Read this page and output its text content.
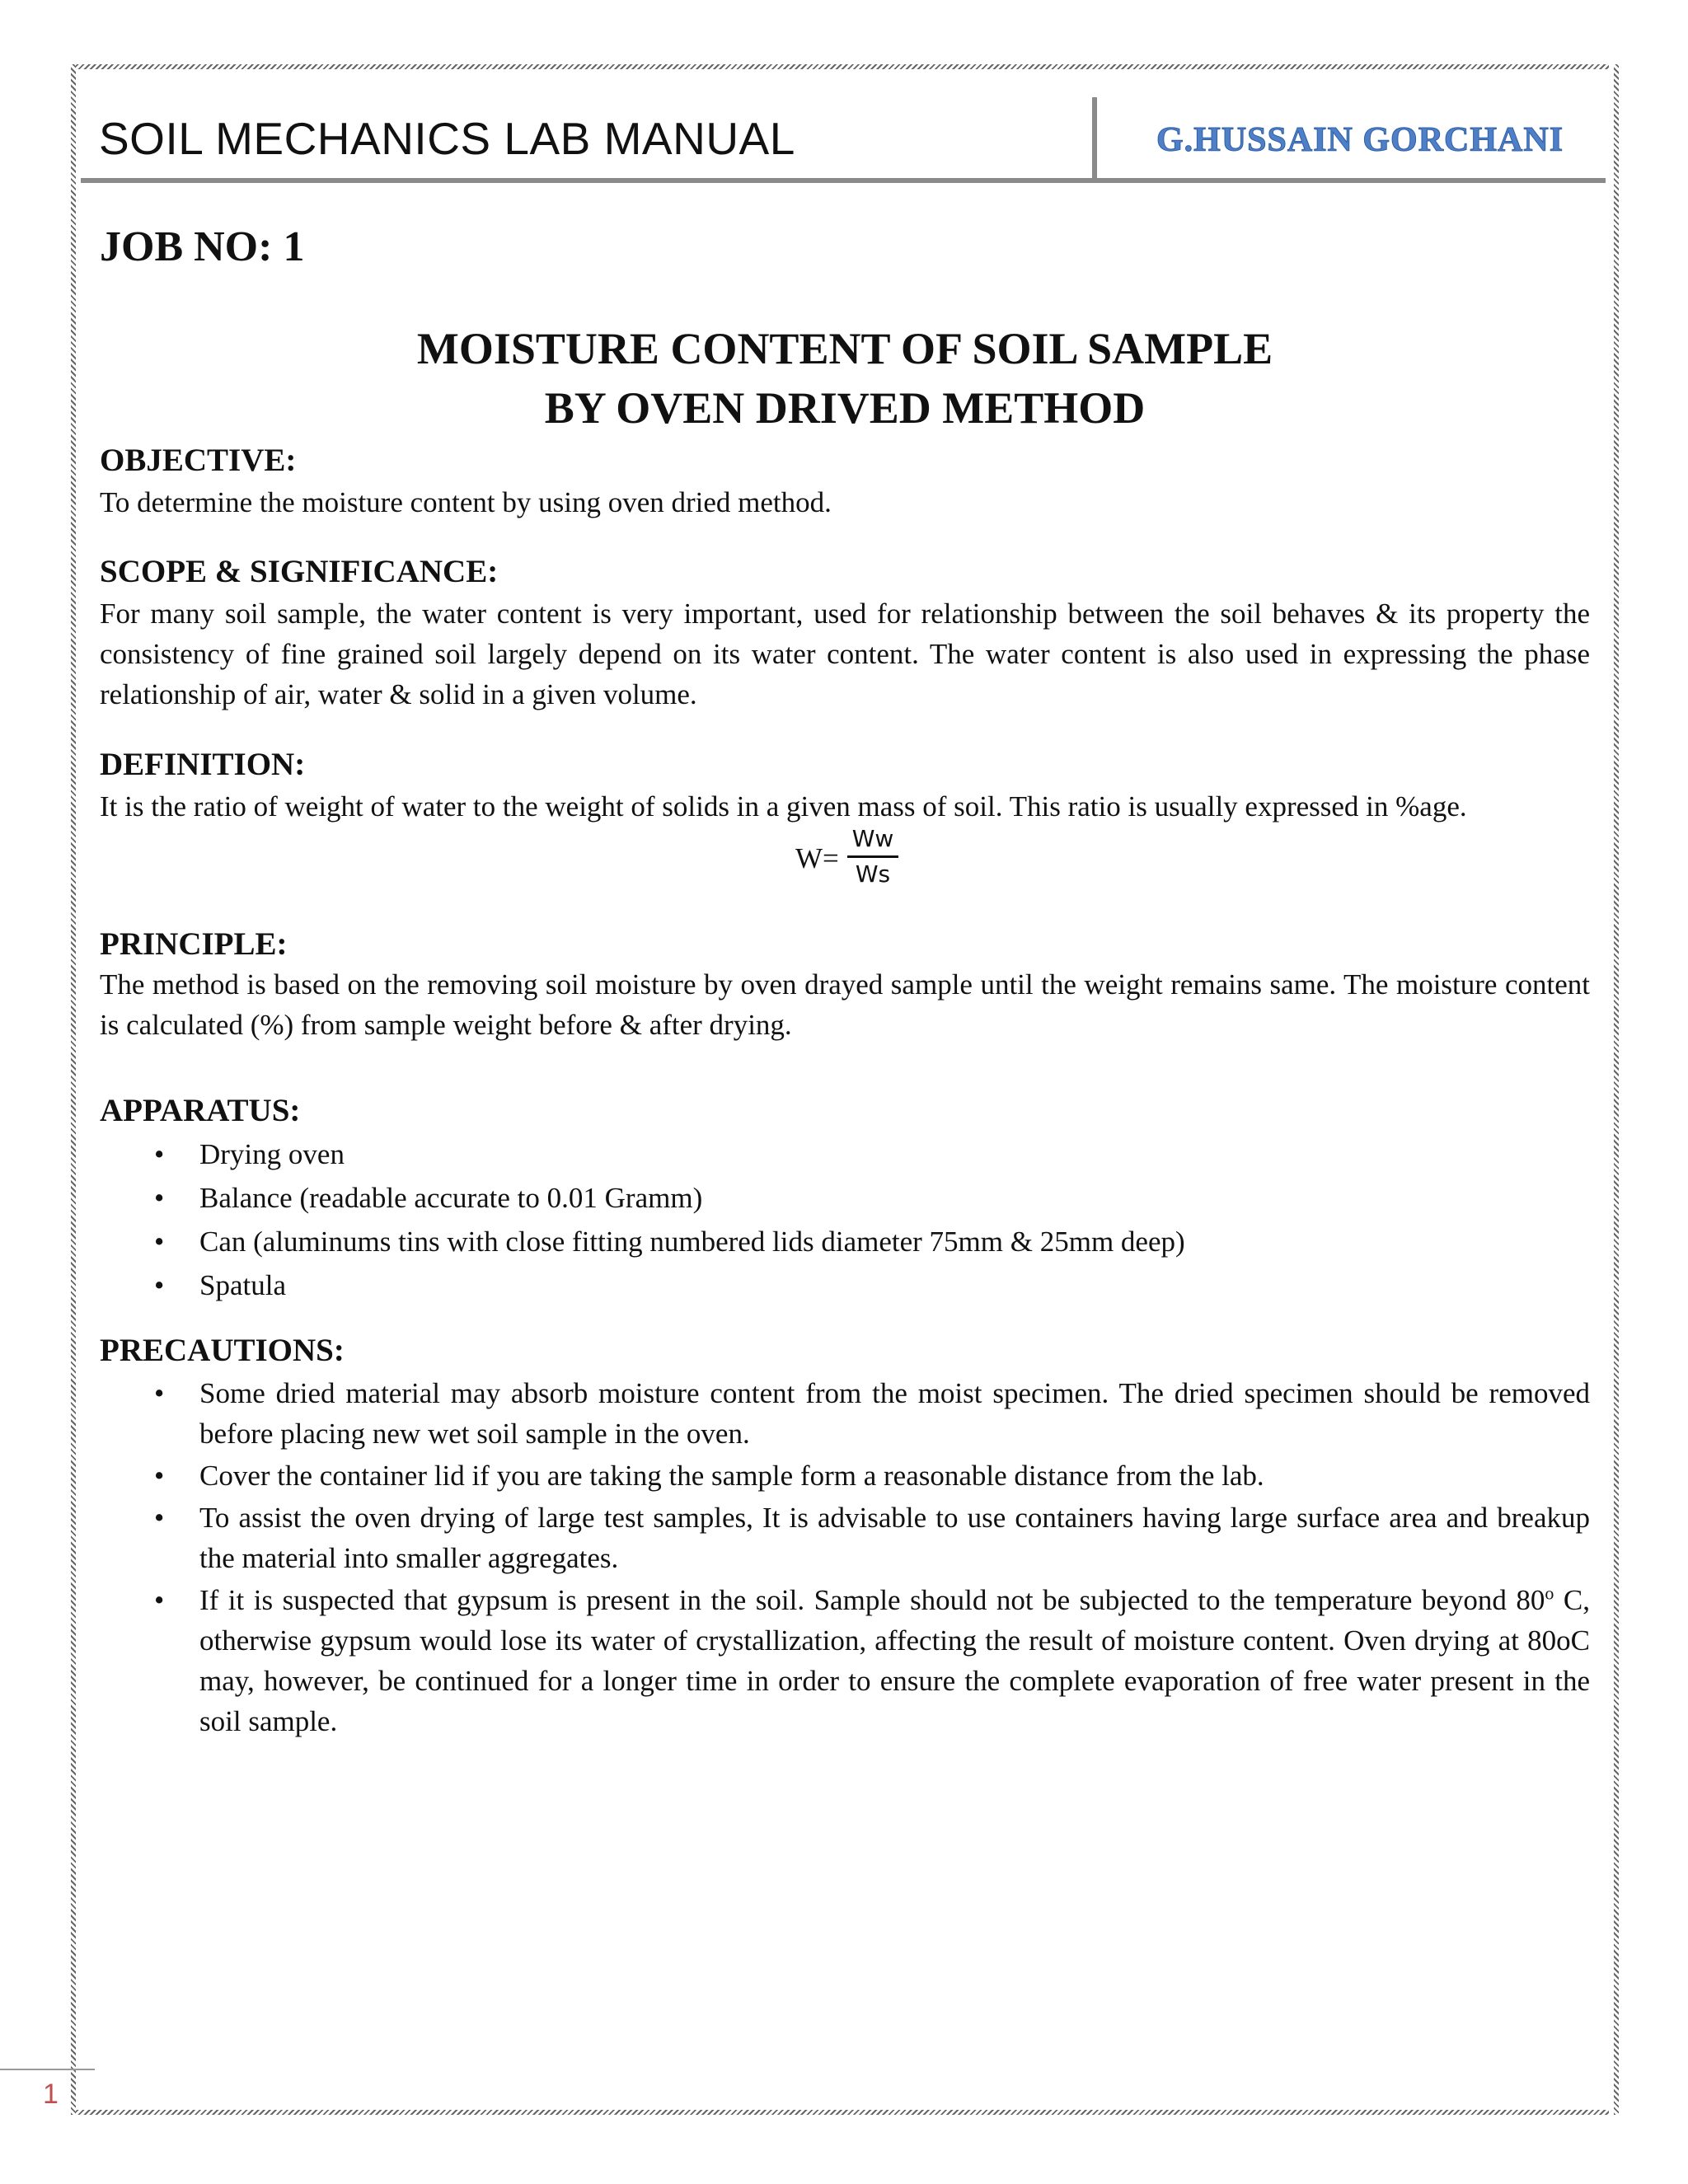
SOIL MECHANICS LAB MANUAL	G.HUSSAIN GORCHANI
JOB NO: 1
MOISTURE CONTENT OF SOIL SAMPLE
BY OVEN DRIVED METHOD
OBJECTIVE:
To determine the moisture content by using oven dried method.
SCOPE & SIGNIFICANCE:
For many soil sample, the water content is very important, used for relationship between the soil behaves & its property the consistency of fine grained soil largely depend on its water content. The water content is also used in expressing the phase relationship of air, water & solid in a given volume.
DEFINITION:
It is the ratio of weight of water to the weight of solids in a given mass of soil. This ratio is usually expressed in %age.
PRINCIPLE:
The method is based on the removing soil moisture by oven drayed sample until the weight remains same. The moisture content is calculated (%) from sample weight before & after drying.
APPARATUS:
• Drying oven
• Balance (readable accurate to 0.01 Gramm)
• Can (aluminums tins with close fitting numbered lids diameter 75mm & 25mm deep)
• Spatula
PRECAUTIONS:
• Some dried material may absorb moisture content from the moist specimen. The dried specimen should be removed before placing new wet soil sample in the oven.
• Cover the container lid if you are taking the sample form a reasonable distance from the lab.
• To assist the oven drying of large test samples, It is advisable to use containers having large surface area and breakup the material into smaller aggregates.
• If it is suspected that gypsum is present in the soil. Sample should not be subjected to the temperature beyond 80$^o$ C, otherwise gypsum would lose its water of crystallization, affecting the result of moisture content. Oven drying at 80oC may, however, be continued for a longer time in order to ensure the complete evaporation of free water present in the soil sample.
W=
Ww
Ws
1
